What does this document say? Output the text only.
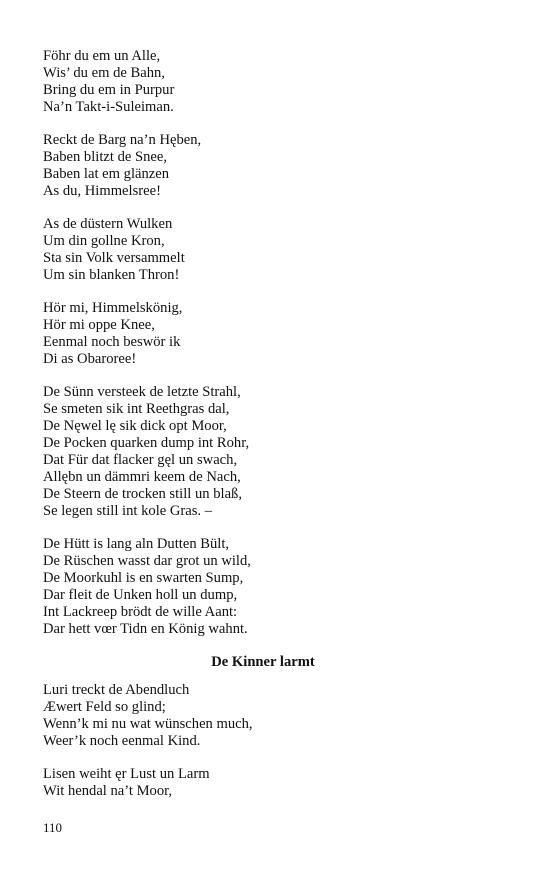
Föhr du em un Alle,
Wis’ du em de Bahn,
Bring du em in Purpur
Na’n Takt-i-Suleiman.
Reckt de Barg na’n Hęben,
Baben blitzt de Snee,
Baben lat em glänzen
As du, Himmelsree!
As de düstern Wulken
Um din gollne Kron,
Sta sin Volk versammelt
Um sin blanken Thron!
Hör mi, Himmelskönig,
Hör mi oppe Knee,
Eenmal noch beswör ik
Di as Obaroree!
De Sünn versteek de letzte Strahl,
Se smeten sik int Reethgras dal,
De Nęwel lę sik dick opt Moor,
De Pocken quarken dump int Rohr,
Dat Für dat flacker gęl un swach,
Allębn un dämmri keem de Nach,
De Steern de trocken still un blaß,
Se legen still int kole Gras. –
De Hütt is lang aln Dutten Bült,
De Rüschen wasst dar grot un wild,
De Moorkuhl is en swarten Sump,
Dar fleit de Unken holl un dump,
Int Lackreep brödt de wille Aant:
Dar hett vœr Tidn en König wahnt.
De Kinner larmt
Luri treckt de Abendluch
Æwert Feld so glind;
Wenn’k mi nu wat wünschen much,
Weer’k noch eenmal Kind.
Lisen weiht ęr Lust un Larm
Wit hendal na’t Moor,
110
